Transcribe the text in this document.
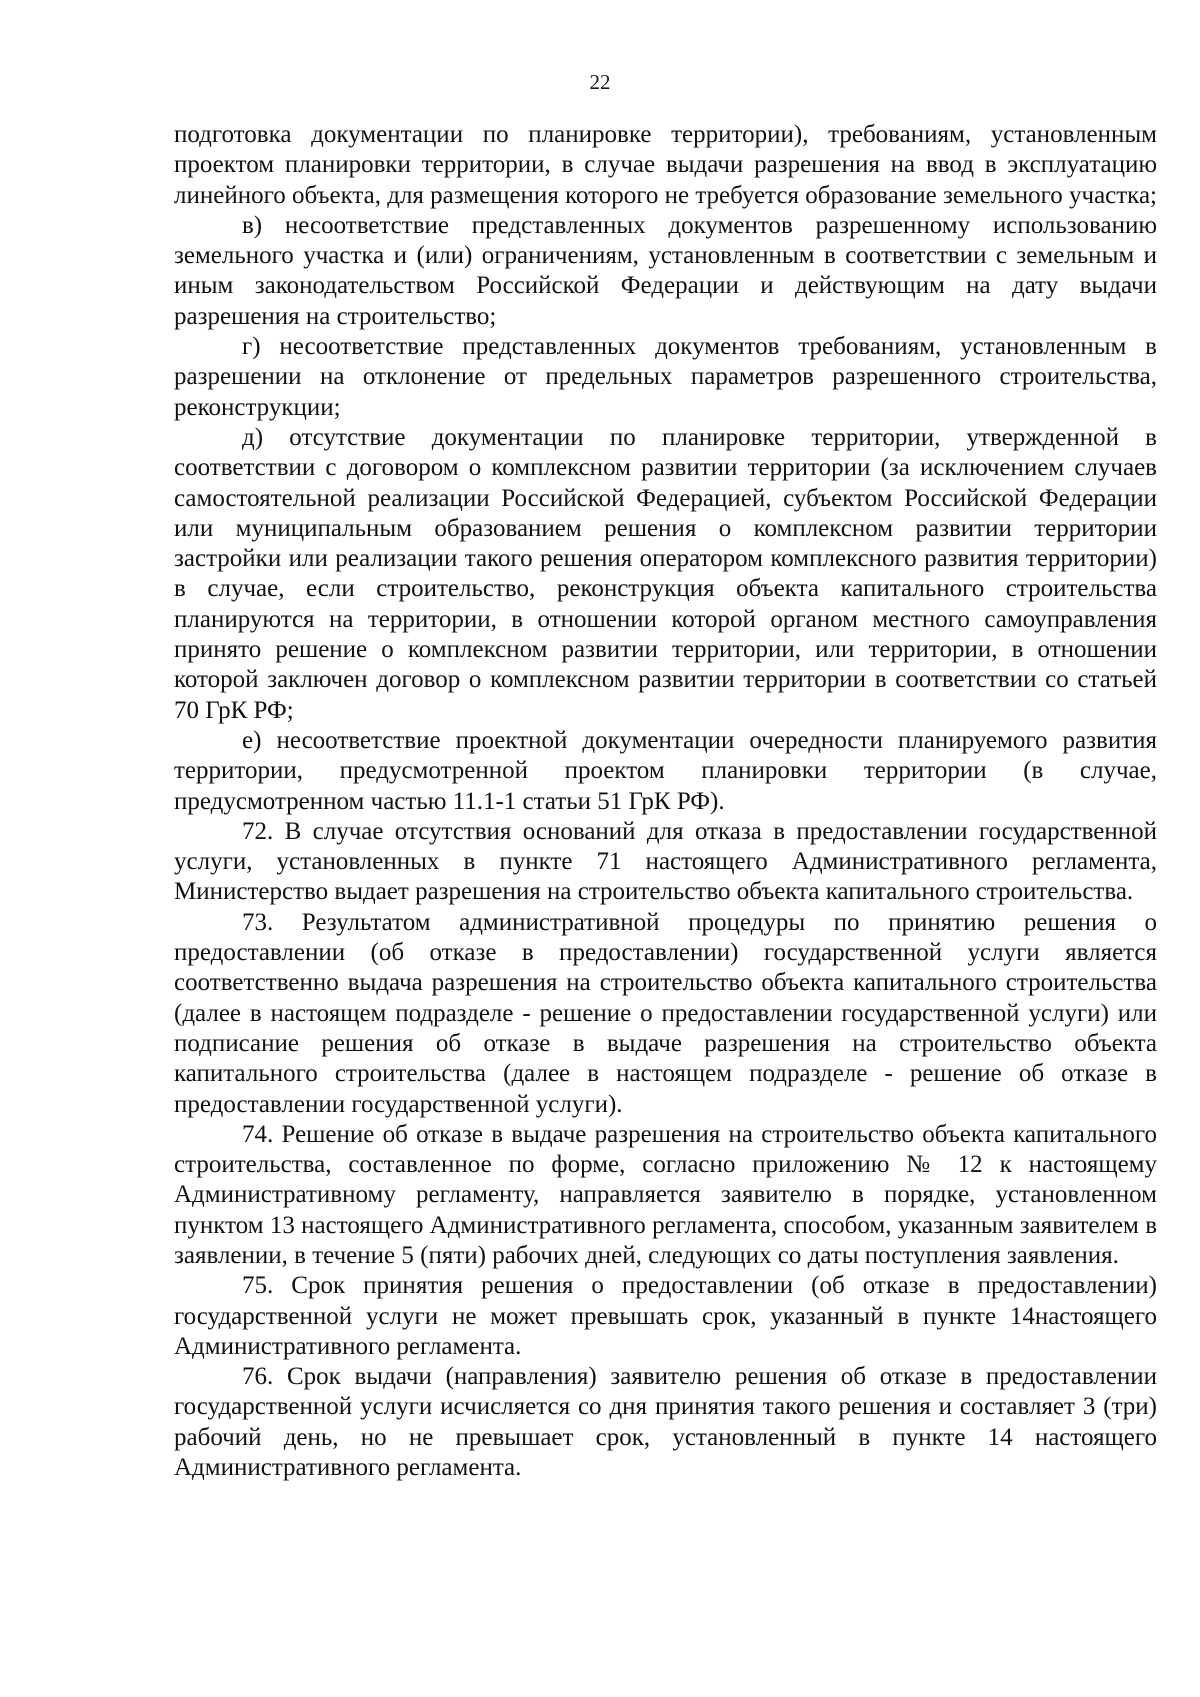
22

подготовка документации по планировке территории), требованиям, установленным проектом планировки территории, в случае выдачи разрешения на ввод в эксплуатацию линейного объекта, для размещения которого не требуется образование земельного участка;

в) несоответствие представленных документов разрешенному использованию земельного участка и (или) ограничениям, установленным в соответствии с земельным и иным законодательством Российской Федерации и действующим на дату выдачи разрешения на строительство;

г) несоответствие представленных документов требованиям, установленным в разрешении на отклонение от предельных параметров разрешенного строительства, реконструкции;

д) отсутствие документации по планировке территории, утвержденной в соответствии с договором о комплексном развитии территории (за исключением случаев самостоятельной реализации Российской Федерацией, субъектом Российской Федерации или муниципальным образованием решения о комплексном развитии территории застройки или реализации такого решения оператором комплексного развития территории) в случае, если строительство, реконструкция объекта капитального строительства планируются на территории, в отношении которой органом местного самоуправления принято решение о комплексном развитии территории, или территории, в отношении которой заключен договор о комплексном развитии территории в соответствии со статьей 70 ГрК РФ;

е) несоответствие проектной документации очередности планируемого развития территории, предусмотренной проектом планировки территории (в случае, предусмотренном частью 11.1-1 статьи 51 ГрК РФ).

72. В случае отсутствия оснований для отказа в предоставлении государственной услуги, установленных в пункте 71 настоящего Административного регламента, Министерство выдает разрешения на строительство объекта капитального строительства.

73. Результатом административной процедуры по принятию решения о предоставлении (об отказе в предоставлении) государственной услуги является соответственно выдача разрешения на строительство объекта капитального строительства (далее в настоящем подразделе - решение о предоставлении государственной услуги) или подписание решения об отказе в выдаче разрешения на строительство объекта капитального строительства (далее в настоящем подразделе - решение об отказе в предоставлении государственной услуги).

74. Решение об отказе в выдаче разрешения на строительство объекта капитального строительства, составленное по форме, согласно приложению № 12 к настоящему Административному регламенту, направляется заявителю в порядке, установленном пунктом 13 настоящего Административного регламента, способом, указанным заявителем в заявлении, в течение 5 (пяти) рабочих дней, следующих со даты поступления заявления.

75. Срок принятия решения о предоставлении (об отказе в предоставлении) государственной услуги не может превышать срок, указанный в пункте 14настоящего Административного регламента.

76. Срок выдачи (направления) заявителю решения об отказе в предоставлении государственной услуги исчисляется со дня принятия такого решения и составляет 3 (три) рабочий день, но не превышает срок, установленный в пункте 14 настоящего Административного регламента.
